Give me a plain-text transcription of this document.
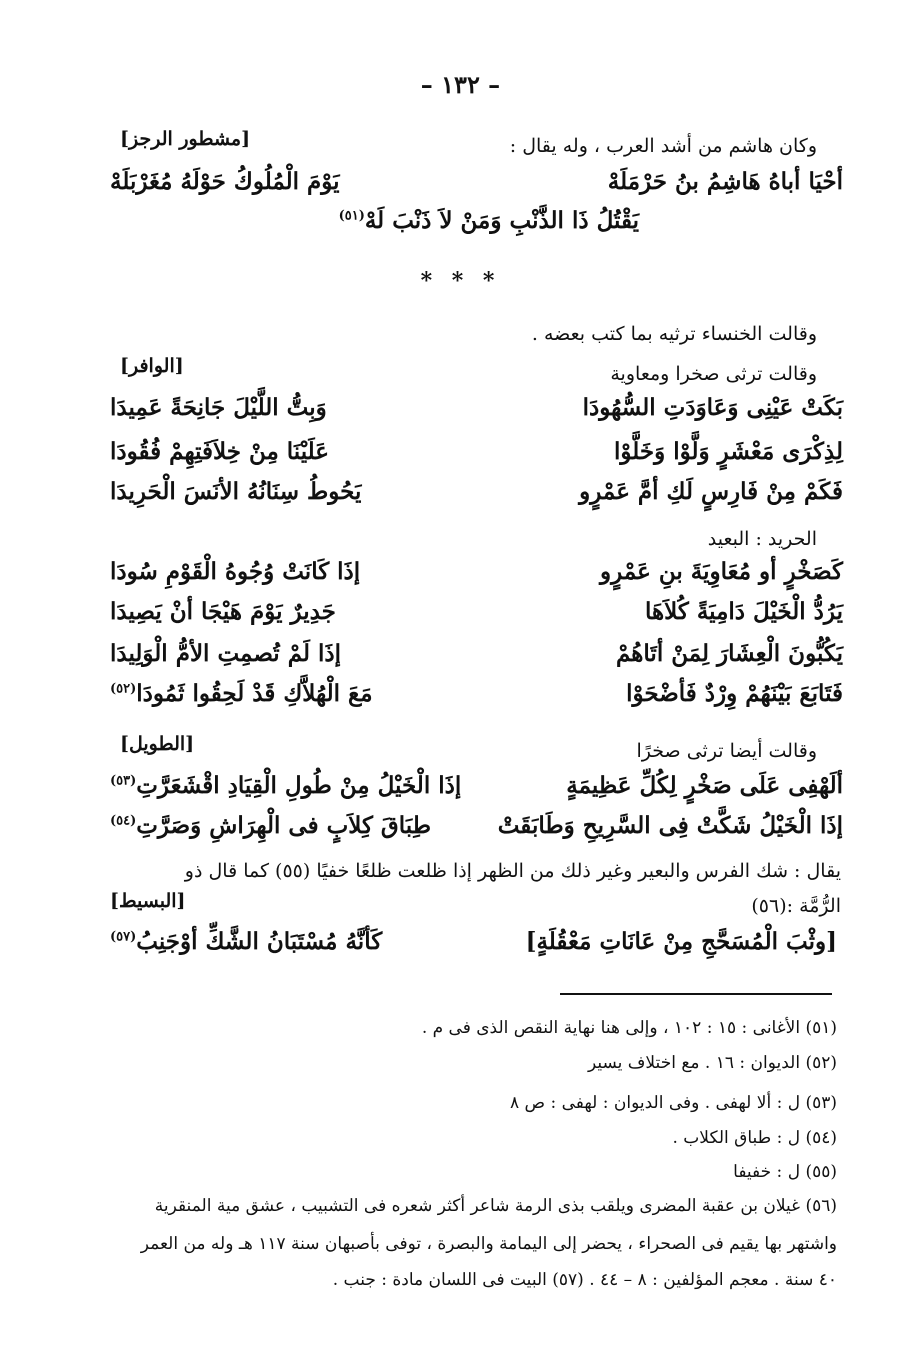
– ١٣٢ –
وكان هاشم من أشد العرب ، وله يقال :
[مشطور الرجز]
أحْيَا أباهُ هَاشِمُ بنُ حَرْمَلَهْ
يَوْمَ الْمُلُوكُ حَوْلَهُ مُغَرْبَلَهْ
يَقْتُلُ ذَا الذَّنْبِ وَمَنْ لاَ ذَنْبَ لَهْ$^{(٥١)}$
* * *
وقالت الخنساء ترثيه بما كتب بعضه .
وقالت ترثى صخرا ومعاوية
[الوافر]
بَكَتْ عَيْنِى وَعَاوَدَتِ السُّهُودَا
وَبِتُّ اللَّيْلَ جَانِحَةً عَمِيدَا
لِذِكْرَى مَعْشَرٍ وَلَّوْا وَخَلَّوْا
عَلَيْنَا مِنْ خِلاَفَتِهِمْ فُقُودَا
فَكَمْ مِنْ فَارِسٍ لَكِ أمَّ عَمْرٍو
يَحُوطُ سِنَانُهُ الأنَسَ الْحَرِيدَا
الحريد : البعيد
كَصَخْرٍ أو مُعَاوِيَةَ بنِ عَمْرٍو
إذَا كَانَتْ وُجُوهُ الْقَوْمِ سُودَا
يَرُدُّ الْخَيْلَ دَامِيَةً كُلاَهَا
جَدِيرٌ يَوْمَ هَيْجَا أنْ يَصِيدَا
يَكُبُّونَ الْعِشَارَ لِمَنْ أتَاهُمْ
إذَا لَمْ تُصمِتِ الأمُّ الْوَلِيدَا
فَتَابَعَ بَيْنَهُمْ وِرْدٌ فَأضْحَوْا
مَعَ الْهُلاَّكِ قَدْ لَحِقُوا ثَمُودَا$^{(٥٢)}$
وقالت أيضا ترثى صخرًا
[الطويل]
ألَهْفِى عَلَى صَخْرٍ لِكُلِّ عَظِيمَةٍ
إذَا الْخَيْلُ مِنْ طُولِ الْقِيَادِ اقْشَعَرَّتِ$^{(٥٣)}$
إذَا الْخَيْلُ شَكَّتْ فِى السَّرِيحِ وَطَابَقَتْ
طِبَاقَ كِلاَبٍ فى الْهِرَاشِ وَصَرَّتِ$^{(٥٤)}$
يقال : شك الفرس والبعير وغير ذلك من الظهر إذا ظلعت ظلعًا خفيًا (٥٥) كما قال ذو
الرُّمَّة :(٥٦)
[البسيط]
[وثْبَ الْمُسَحَّجِ مِنْ عَانَاتِ مَعْقُلَةٍ]
كَأنَّهُ مُسْتَبَانُ الشَّكِّ أوْجَنِبُ$^{(٥٧)}$
(٥١) الأغانى : ١٥ : ١٠٢ ، وإلى هنا نهاية النقص الذى فى م .
(٥٢) الديوان : ١٦ . مع اختلاف يسير
(٥٣) ل : ألا لهفى . وفى الديوان : لهفى : ص ٨
(٥٤) ل : طباق الكلاب .
(٥٥) ل : خفيفا
(٥٦) غيلان بن عقبة المضرى ويلقب بذى الرمة شاعر أكثر شعره فى التشبيب ، عشق مية المنقرية
واشتهر بها يقيم فى الصحراء ، يحضر إلى اليمامة والبصرة ، توفى بأصبهان سنة ١١٧ هـ وله من العمر
٤٠ سنة . معجم المؤلفين : ٨ – ٤٤ . (٥٧) البيت فى اللسان مادة : جنب .
